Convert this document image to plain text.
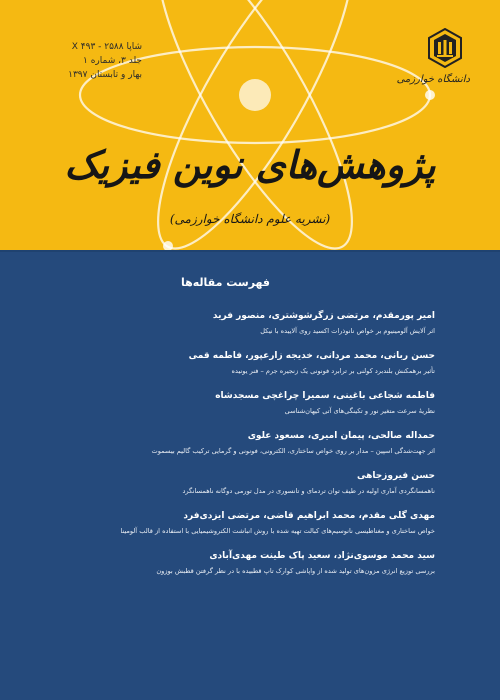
شاپا X ۴۹۳ - ۲۵۸۸
جلد ۳، شماره ۱
بهار و تابستان ۱۳۹۷	دانشگاه خوارزمی
پژوهش‌های نوین فیزیک
(نشریه علوم دانشگاه خوارزمی)
فهرست مقاله‌ها
امیر پورمقدم، مرتضی زرگرشوشتری، منصور فرید
اثر آلایش آلومینیوم بر خواص نانوذرات اکسید روی آلاییده با نیکل
حسن ربانی، محمد مردانی، خدیجه زارعپور، فاطمه قمی
تأثیر برهمکنش بلندبرد کولنی بر ترابرد فونونی یک زنجیره جرم – فنر یونیده
فاطمه شجاعی باغینی، سمیرا چراغچی مسجدشاه
نظریهٔ سرعت متغیر نور و تکینگی‌های آتی کیهان‌شناسی
حمداله صالحی، پیمان امیری، مسعود علوی
اثر جهت‌شدگی اسپین – مدار بر روی خواص ساختاری، الکترونی، فونونی و گرمایی ترکیب گالیم بیسموت
حسن فیروزجاهی
ناهمسانگردی آماری اولیه در طیف توان تردمای و تانسوری در مدل تورمی دوگانه ناهمسانگرد
مهدی گلی مقدم، محمد ابراهیم قاضی، مرتضی ایزدی‌فرد
خواص ساختاری و مغناطیسی نانوسیم‌های کبالت تهیه شده با روش انباشت الکتروشیمیایی با استفاده از قالب آلومینا
سید محمد موسوی‌نژاد، سعید پاک طینت مهدی‌آبادی
بررسی توزیع انرژی مزون‌های تولید شده از واپاشی کوارک تاپ قطبیده با در نظر گرفتن قطبش بوزون
